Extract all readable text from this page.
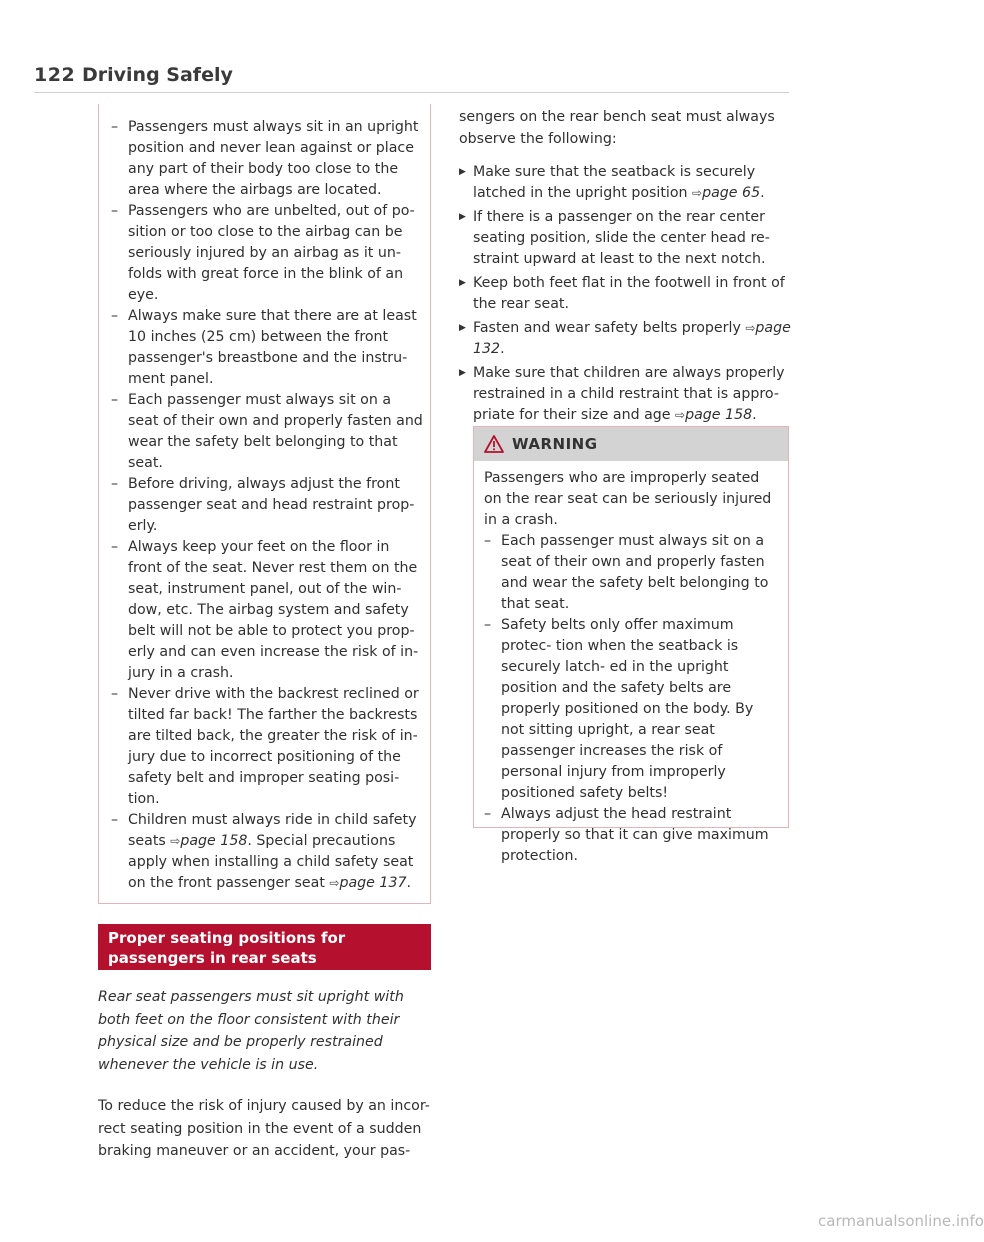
122 Driving Safely
– Passengers must always sit in an upright position and never lean against or place any part of their body too close to the area where the airbags are located.
– Passengers who are unbelted, out of po- sition or too close to the airbag can be seriously injured by an airbag as it un- folds with great force in the blink of an eye.
– Always make sure that there are at least 10 inches (25 cm) between the front passenger's breastbone and the instru- ment panel.
– Each passenger must always sit on a seat of their own and properly fasten and wear the safety belt belonging to that seat.
– Before driving, always adjust the front passenger seat and head restraint prop- erly.
– Always keep your feet on the floor in front of the seat. Never rest them on the seat, instrument panel, out of the win- dow, etc. The airbag system and safety belt will not be able to protect you prop- erly and can even increase the risk of in- jury in a crash.
– Never drive with the backrest reclined or tilted far back! The farther the backrests are tilted back, the greater the risk of in- jury due to incorrect positioning of the safety belt and improper seating posi- tion.
– Children must always ride in child safety seats ⇨page 158. Special precautions apply when installing a child safety seat on the front passenger seat ⇨page 137.
Proper seating positions for passengers in rear seats
Rear seat passengers must sit upright with both feet on the floor consistent with their physical size and be properly restrained whenever the vehicle is in use.
To reduce the risk of injury caused by an incor- rect seating position in the event of a sudden braking maneuver or an accident, your pas-
sengers on the rear bench seat must always observe the following:
▶ Make sure that the seatback is securely latched in the upright position ⇨page 65.
▶ If there is a passenger on the rear center seating position, slide the center head re- straint upward at least to the next notch.
▶ Keep both feet flat in the footwell in front of the rear seat.
▶ Fasten and wear safety belts properly ⇨page 132.
▶ Make sure that children are always properly restrained in a child restraint that is appro- priate for their size and age ⇨page 158.
WARNING
Passengers who are improperly seated on the rear seat can be seriously injured in a crash.
– Each passenger must always sit on a seat of their own and properly fasten and wear the safety belt belonging to that seat.
– Safety belts only offer maximum protec- tion when the seatback is securely latch- ed in the upright position and the safety belts are properly positioned on the body. By not sitting upright, a rear seat passenger increases the risk of personal injury from improperly positioned safety belts!
– Always adjust the head restraint properly so that it can give maximum protection.
carmanualsonline.info
